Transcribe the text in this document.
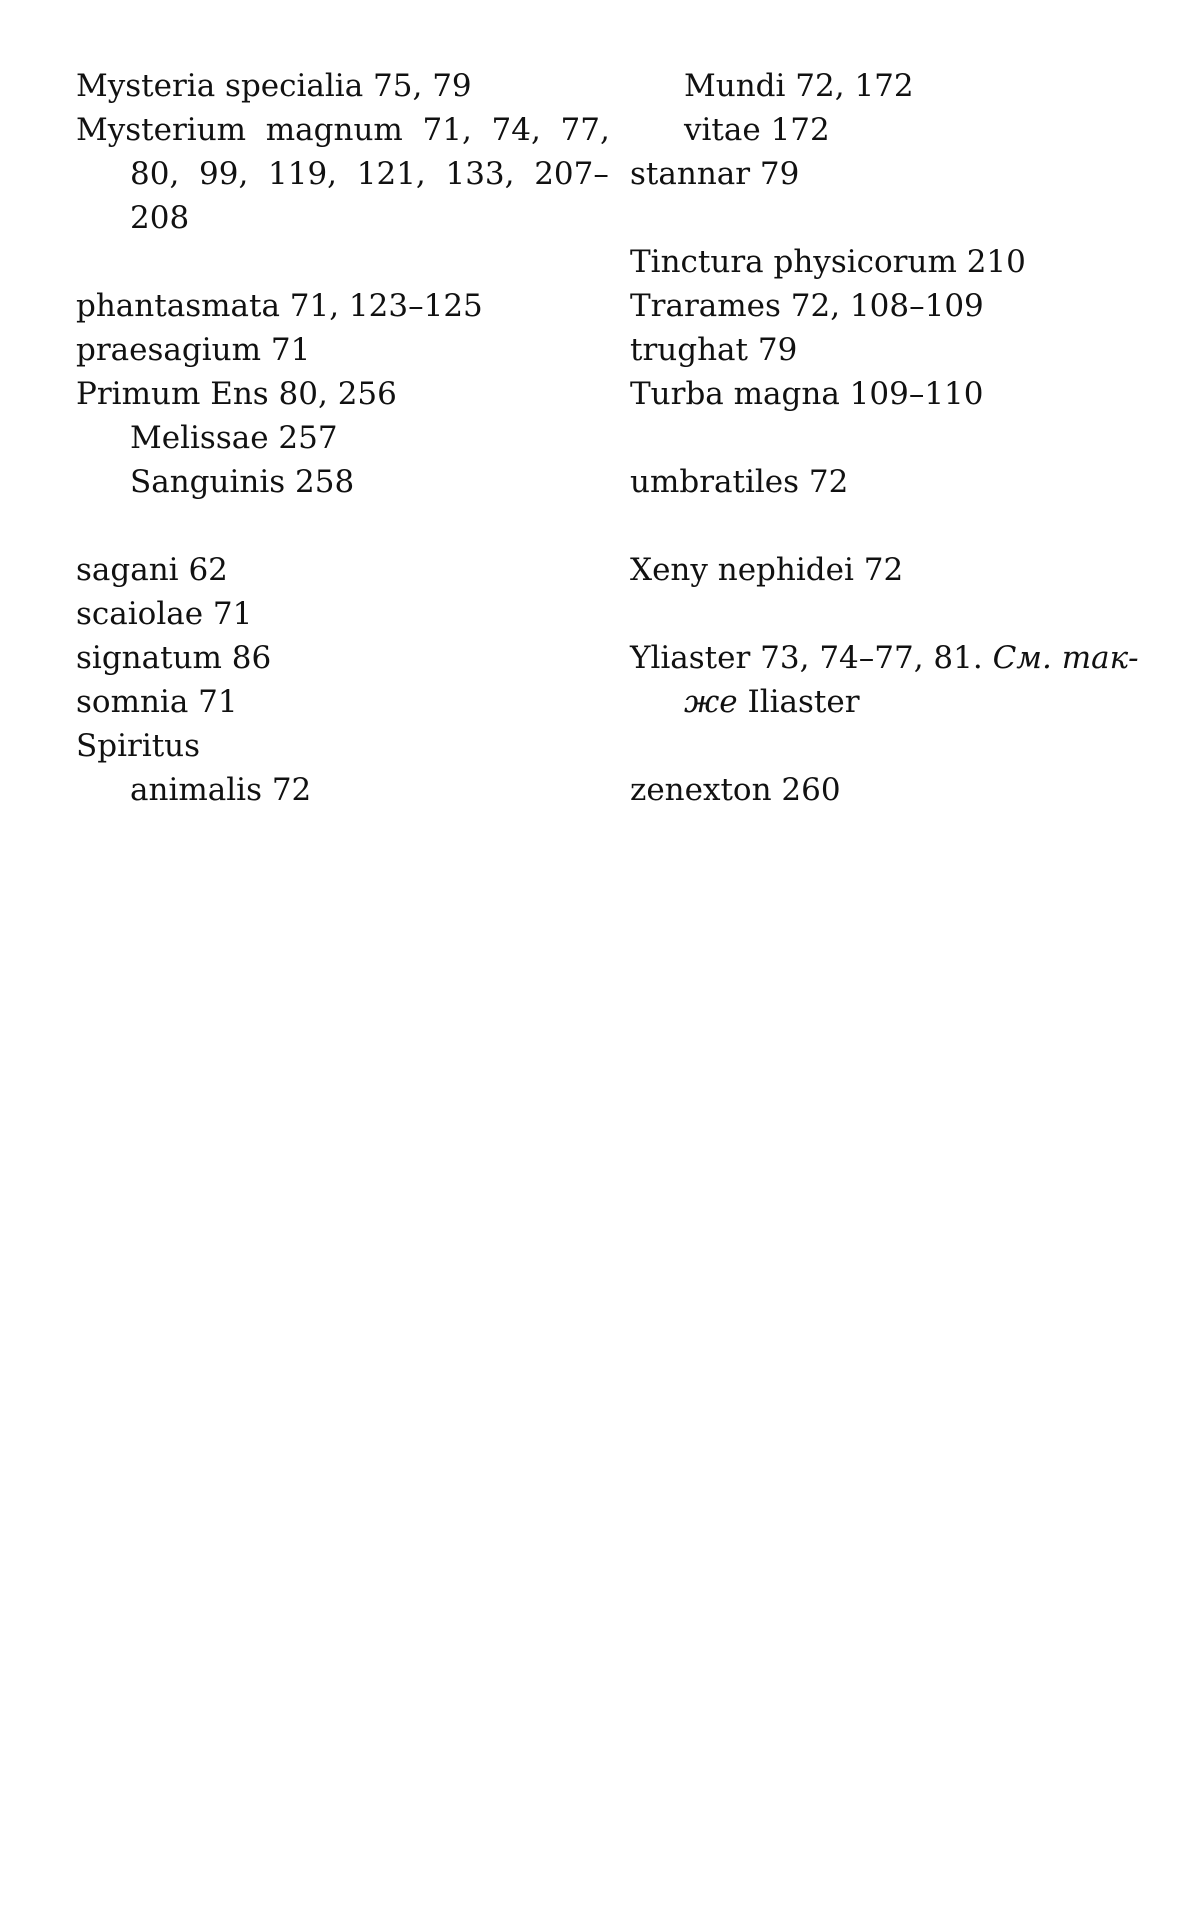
Mysteria specialia 75, 79
Mysterium  magnum  71,  74,  77,
80,  99,  119,  121,  133,  207–
208
phantasmata 71, 123–125
praesagium 71
Primum Ens 80, 256
Melissae 257
Sanguinis 258
sagani 62
scaiolae 71
signatum 86
somnia 71
Spiritus
animalis 72
Mundi 72, 172
vitae 172
stannar 79
Tinctura physicorum 210
Trarames 72, 108–109
trughat 79
Turba magna 109–110
umbratiles 72
Xeny nephidei 72
Yliaster 73, 74–77, 81. См. так-
же Iliaster
zenexton 260
